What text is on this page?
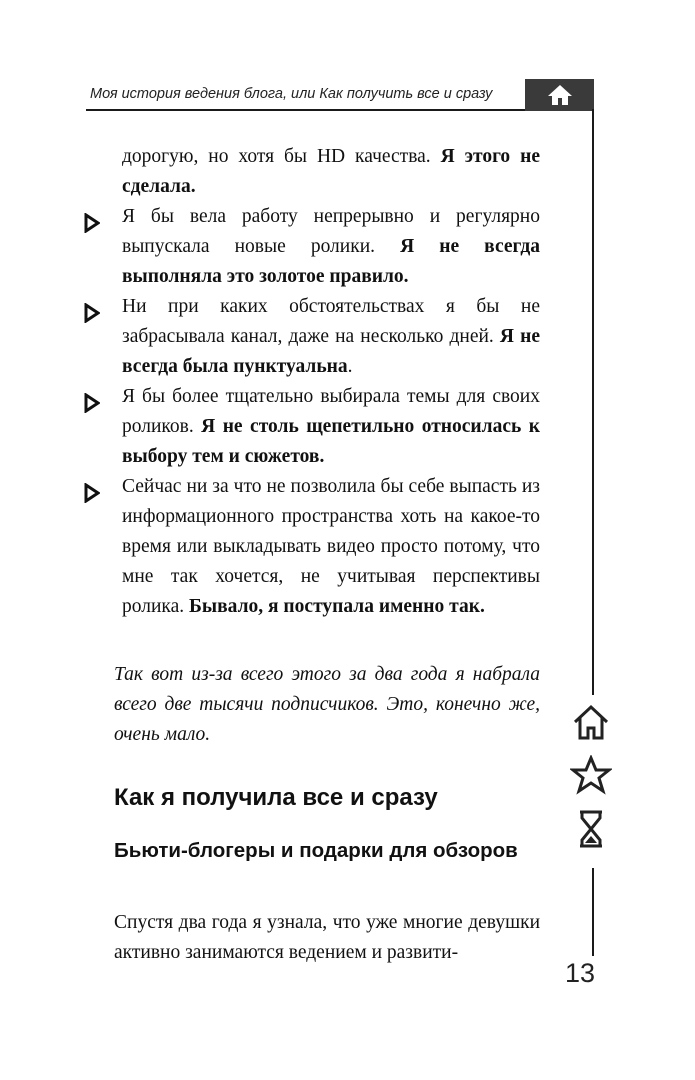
Моя история ведения блога, или Как получить все и сразу

дорогую, но хотя бы HD качества. Я этого не сделала.

Я бы вела работу непрерывно и регулярно выпускала новые ролики. Я не всегда выполняла это золотое правило.

Ни при каких обстоятельствах я бы не забрасывала канал, даже на несколько дней. Я не всегда была пунктуальна.

Я бы более тщательно выбирала темы для своих роликов. Я не столь щепетильно относилась к выбору тем и сюжетов.

Сейчас ни за что не позволила бы себе выпасть из информационного пространства хоть на какое-то время или выкладывать видео просто потому, что мне так хочется, не учитывая перспективы ролика. Бывало, я поступала именно так.

Так вот из-за всего этого за два года я набрала всего две тысячи подписчиков. Это, конечно же, очень мало.

Как я получила все и сразу
Бьюти-блогеры и подарки для обзоров

Спустя два года я узнала, что уже многие девушки активно занимаются ведением и развити-

13
